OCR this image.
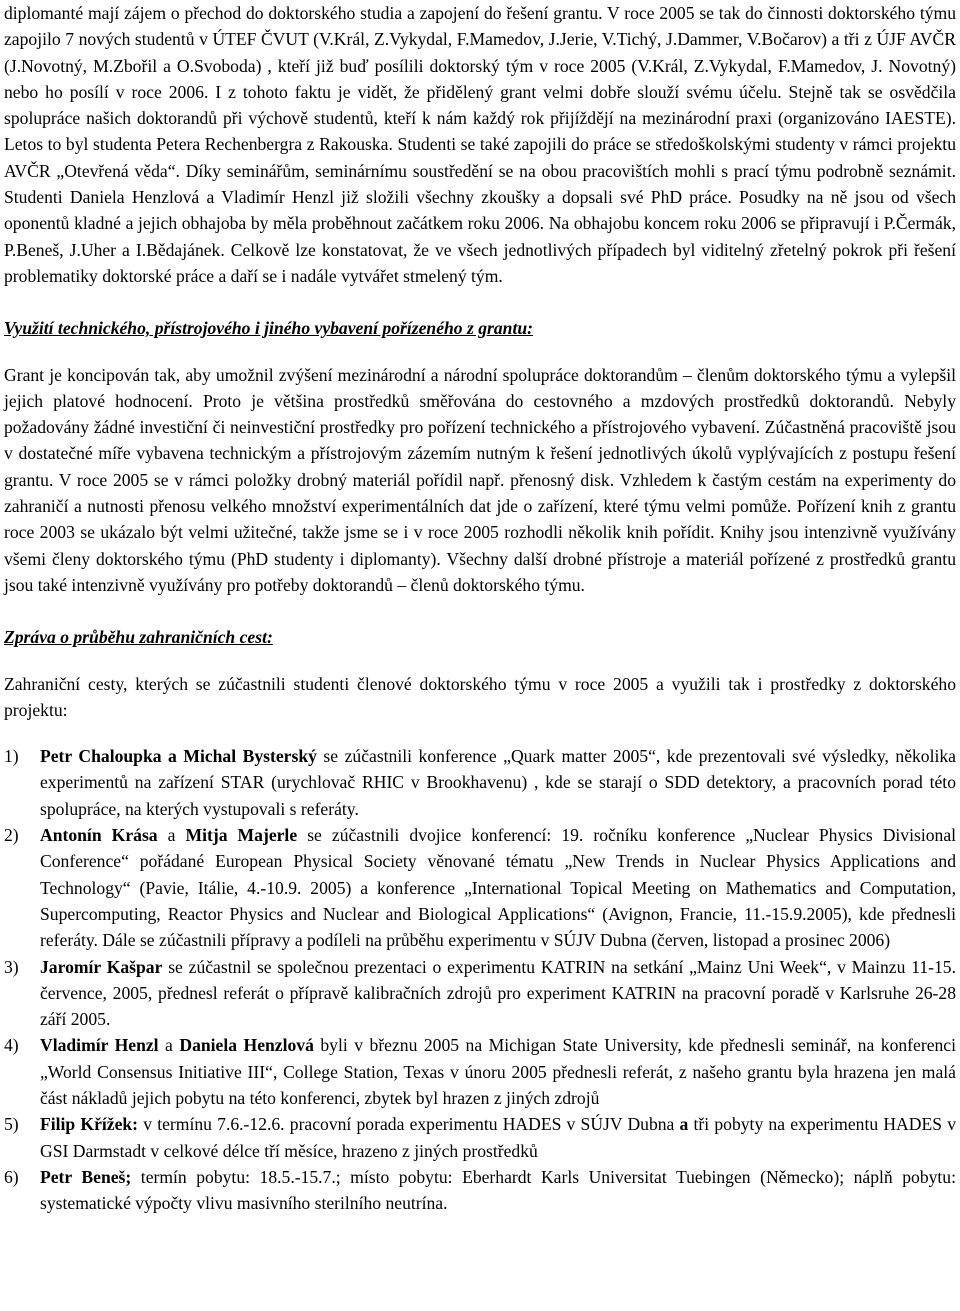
diplomanté mají zájem o přechod do doktorského studia a zapojení do řešení grantu. V roce 2005 se tak do činnosti doktorského týmu zapojilo 7 nových studentů v ÚTEF ČVUT (V.Král, Z.Vykydal, F.Mamedov, J.Jerie, V.Tichý, J.Dammer, V.Bočarov) a tři z ÚJF AVČR (J.Novotný, M.Zbořil a O.Svoboda) , kteří již buď posílili doktorský tým v roce 2005 (V.Král, Z.Vykydal, F.Mamedov, J. Novotný) nebo ho posílí v roce 2006. I z tohoto faktu je vidět, že přidělený grant velmi dobře slouží svému účelu. Stejně tak se osvědčila spolupráce našich doktorandů při výchově studentů, kteří k nám každý rok přijíždějí na mezinárodní praxi (organizováno IAESTE). Letos to byl studenta Petera Rechenbergra z Rakouska. Studenti se také zapojili do práce se středoškolskými studenty v rámci projektu AVČR „Otevřená věda“. Díky seminářům, seminárnímu soustředění se na obou pracovištích mohli s prací týmu podrobně seznámit. Studenti Daniela Henzlová a Vladimír Henzl již složili všechny zkoušky a dopsali své PhD práce. Posudky na ně jsou od všech oponentů kladné a jejich obhajoba by měla proběhnout začátkem roku 2006. Na obhajobu koncem roku 2006 se připravují i P.Čermák, P.Beneš, J.Uher a I.Bědajánek. Celkově lze konstatovat, že ve všech jednotlivých případech byl viditelný zřetelný pokrok při řešení problematiky doktorské práce a daří se i nadále vytvářet stmelený tým.

Využití technického, přístrojového i jiného vybavení pořízeného z grantu:

Grant je koncipován tak, aby umožnil zvýšení mezinárodní a národní spolupráce doktorandům – členům doktorského týmu a vylepšil jejich platové hodnocení. Proto je většina prostředků směřována do cestovného a mzdových prostředků doktorandů. Nebyly požadovány žádné investiční či neinvestiční prostředky pro pořízení technického a přístrojového vybavení. Zúčastněná pracoviště jsou v dostatečné míře vybavena technickým a přístrojovým zázemím nutným k řešení jednotlivých úkolů vyplývajících z postupu řešení grantu. V roce 2005 se v rámci položky drobný materiál pořídil např. přenosný disk. Vzhledem k častým cestám na experimenty do zahraničí a nutnosti přenosu velkého množství experimentálních dat jde o zařízení, které týmu velmi pomůže. Pořízení knih z grantu roce 2003 se ukázalo být velmi užitečné, takže jsme se i v roce 2005 rozhodli několik knih pořídit. Knihy jsou intenzivně využívány všemi členy doktorského týmu (PhD studenty i diplomanty). Všechny další drobné přístroje a materiál pořízené z prostředků grantu jsou také intenzivně využívány pro potřeby doktorandů – členů doktorského týmu.

Zpráva o průběhu zahraničních cest:

Zahraniční cesty, kterých se zúčastnili studenti členové doktorského týmu v roce 2005 a využili tak i prostředky z doktorského projektu:

1)	Petr Chaloupka a Michal Bysterský se zúčastnili konference „Quark matter 2005“, kde prezentovali své výsledky, několika experimentů na zařízení STAR (urychlovač RHIC v Brookhavenu) , kde se starají o SDD detektory, a pracovních porad této spolupráce, na kterých vystupovali s referáty.
2)	Antonín Krása a Mitja Majerle se zúčastnili dvojice konferencí: 19. ročníku konference „Nuclear Physics Divisional Conference“ pořádané European Physical Society věnované tématu „New Trends in Nuclear Physics Applications and Technology“ (Pavie, Itálie, 4.-10.9. 2005) a konference „International Topical Meeting on Mathematics and Computation, Supercomputing, Reactor Physics and Nuclear and Biological Applications“ (Avignon, Francie, 11.-15.9.2005), kde přednesli referáty. Dále se zúčastnili přípravy a podíleli na průběhu experimentu v SÚJV Dubna (červen, listopad a prosinec 2006)
3)	Jaromír Kašpar se zúčastnil se společnou prezentaci o experimentu KATRIN na setkání „Mainz Uni Week“, v Mainzu 11-15. července, 2005, přednesl referát o přípravě kalibračních zdrojů pro experiment KATRIN na pracovní poradě v Karlsruhe 26-28 září 2005.
4)	Vladimír Henzl a Daniela Henzlová byli v březnu 2005 na Michigan State University, kde přednesli seminář, na konferenci „World Consensus Initiative III“, College Station, Texas v únoru 2005 přednesli referát, z našeho grantu byla hrazena jen malá část nákladů jejich pobytu na této konferenci, zbytek byl hrazen z jiných zdrojů
5)	Filip Křížek: v termínu 7.6.-12.6. pracovní porada experimentu HADES v SÚJV Dubna a tři pobyty na experimentu HADES v GSI Darmstadt v celkové délce tří měsíce, hrazeno z jiných prostředků
6)	Petr Beneš; termín pobytu: 18.5.-15.7.; místo pobytu: Eberhardt Karls Universitat Tuebingen (Německo); náplň pobytu: systematické výpočty vlivu masivního sterilního neutrína.
